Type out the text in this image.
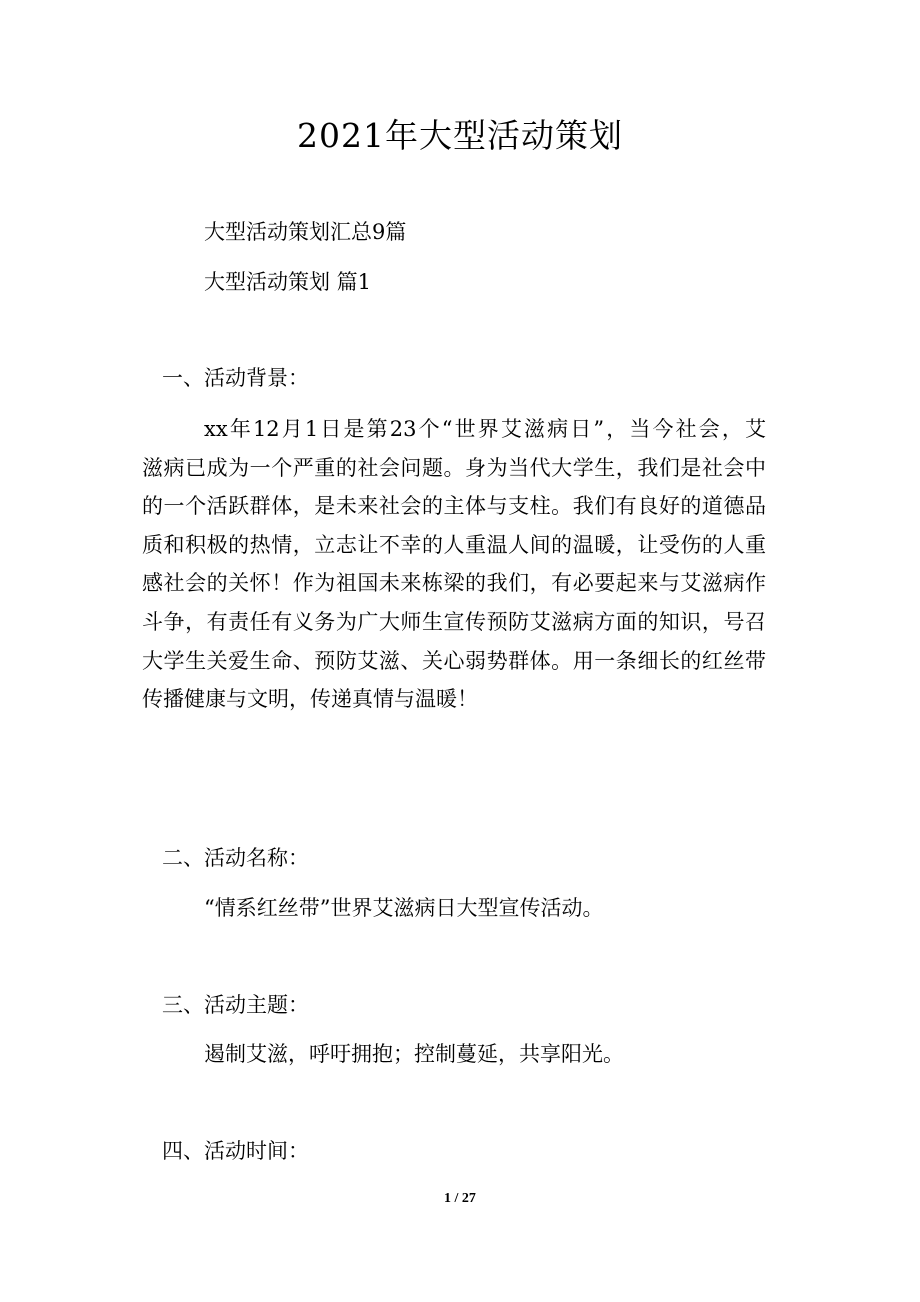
2021年大型活动策划
大型活动策划汇总9篇
大型活动策划 篇1
一、活动背景：
xx年12月1日是第23个“世界艾滋病日”，当今社会，艾
滋病已成为一个严重的社会问题。身为当代大学生，我们是社会中
的一个活跃群体，是未来社会的主体与支柱。我们有良好的道德品
质和积极的热情，立志让不幸的人重温人间的温暖，让受伤的人重
感社会的关怀！作为祖国未来栋梁的我们，有必要起来与艾滋病作
斗争，有责任有义务为广大师生宣传预防艾滋病方面的知识，号召
大学生关爱生命、预防艾滋、关心弱势群体。用一条细长的红丝带
传播健康与文明，传递真情与温暖！
二、活动名称：
“情系红丝带”世界艾滋病日大型宣传活动。
三、活动主题：
遏制艾滋，呼吁拥抱；控制蔓延，共享阳光。
四、活动时间：
1 / 27
